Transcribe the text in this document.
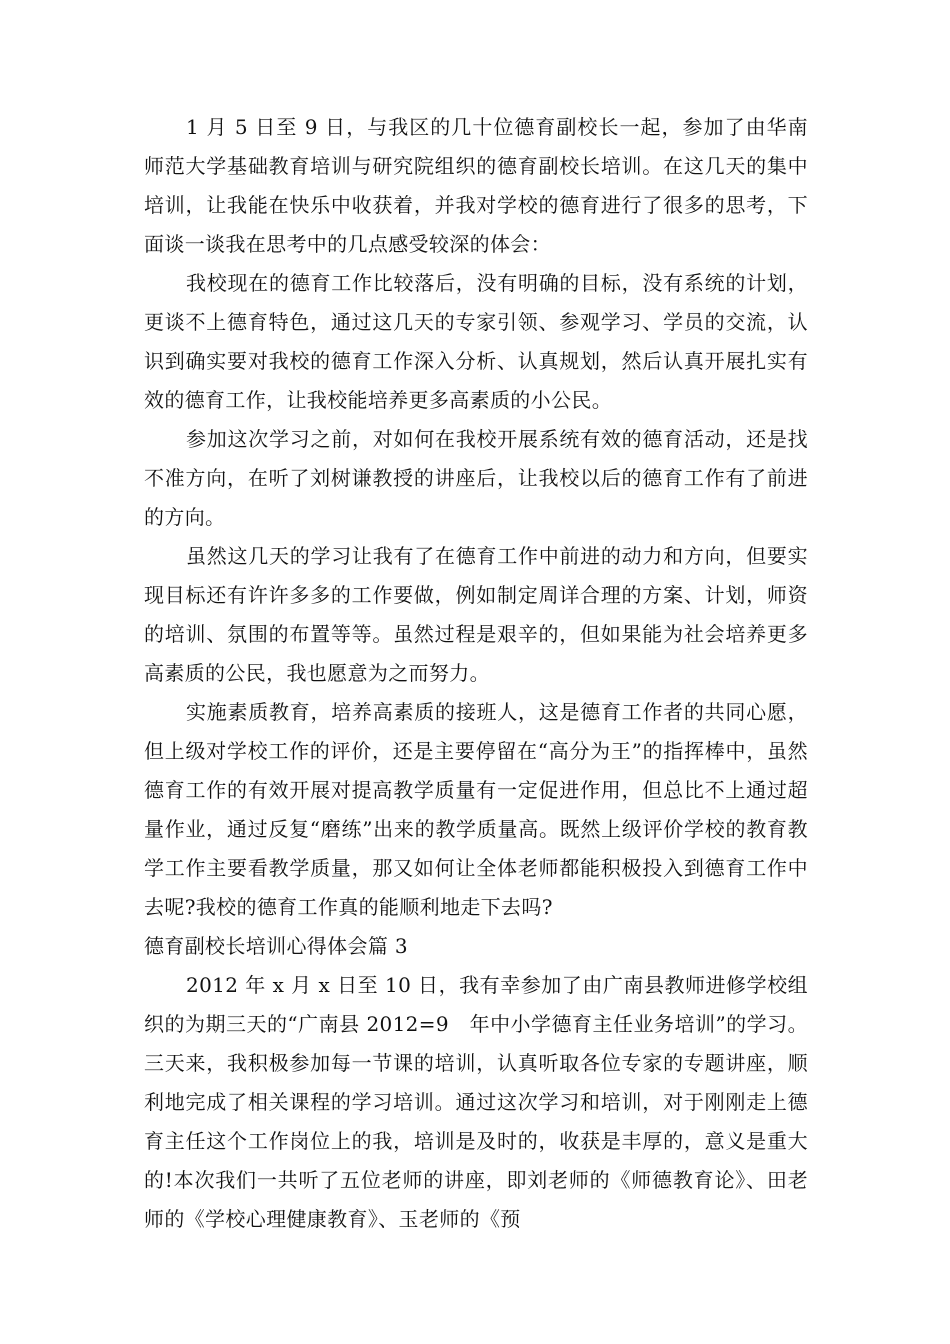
1 月 5 日至 9 日，与我区的几十位德育副校长一起，参加了由华南师范大学基础教育培训与研究院组织的德育副校长培训。在这几天的集中培训，让我能在快乐中收获着，并我对学校的德育进行了很多的思考，下面谈一谈我在思考中的几点感受较深的体会：

我校现在的德育工作比较落后，没有明确的目标，没有系统的计划，更谈不上德育特色，通过这几天的专家引领、参观学习、学员的交流，认识到确实要对我校的德育工作深入分析、认真规划，然后认真开展扎实有效的德育工作，让我校能培养更多高素质的小公民。

参加这次学习之前，对如何在我校开展系统有效的德育活动，还是找不准方向，在听了刘树谦教授的讲座后，让我校以后的德育工作有了前进的方向。

虽然这几天的学习让我有了在德育工作中前进的动力和方向，但要实现目标还有许许多多的工作要做，例如制定周详合理的方案、计划，师资的培训、氛围的布置等等。虽然过程是艰辛的，但如果能为社会培养更多高素质的公民，我也愿意为之而努力。

实施素质教育，培养高素质的接班人，这是德育工作者的共同心愿，但上级对学校工作的评价，还是主要停留在“高分为王”的指挥棒中，虽然德育工作的有效开展对提高教学质量有一定促进作用，但总比不上通过超量作业，通过反复“磨练”出来的教学质量高。既然上级评价学校的教育教学工作主要看教学质量，那又如何让全体老师都能积极投入到德育工作中去呢?我校的德育工作真的能顺利地走下去吗?

德育副校长培训心得体会篇 3

2012 年 x 月 x 日至 10 日，我有幸参加了由广南县教师进修学校组织的为期三天的“广南县 2012=9　年中小学德育主任业务培训”的学习。三天来，我积极参加每一节课的培训，认真听取各位专家的专题讲座，顺利地完成了相关课程的学习培训。通过这次学习和培训，对于刚刚走上德育主任这个工作岗位上的我，培训是及时的，收获是丰厚的，意义是重大的!本次我们一共听了五位老师的讲座，即刘老师的《师德教育论》、田老师的《学校心理健康教育》、玉老师的《预
